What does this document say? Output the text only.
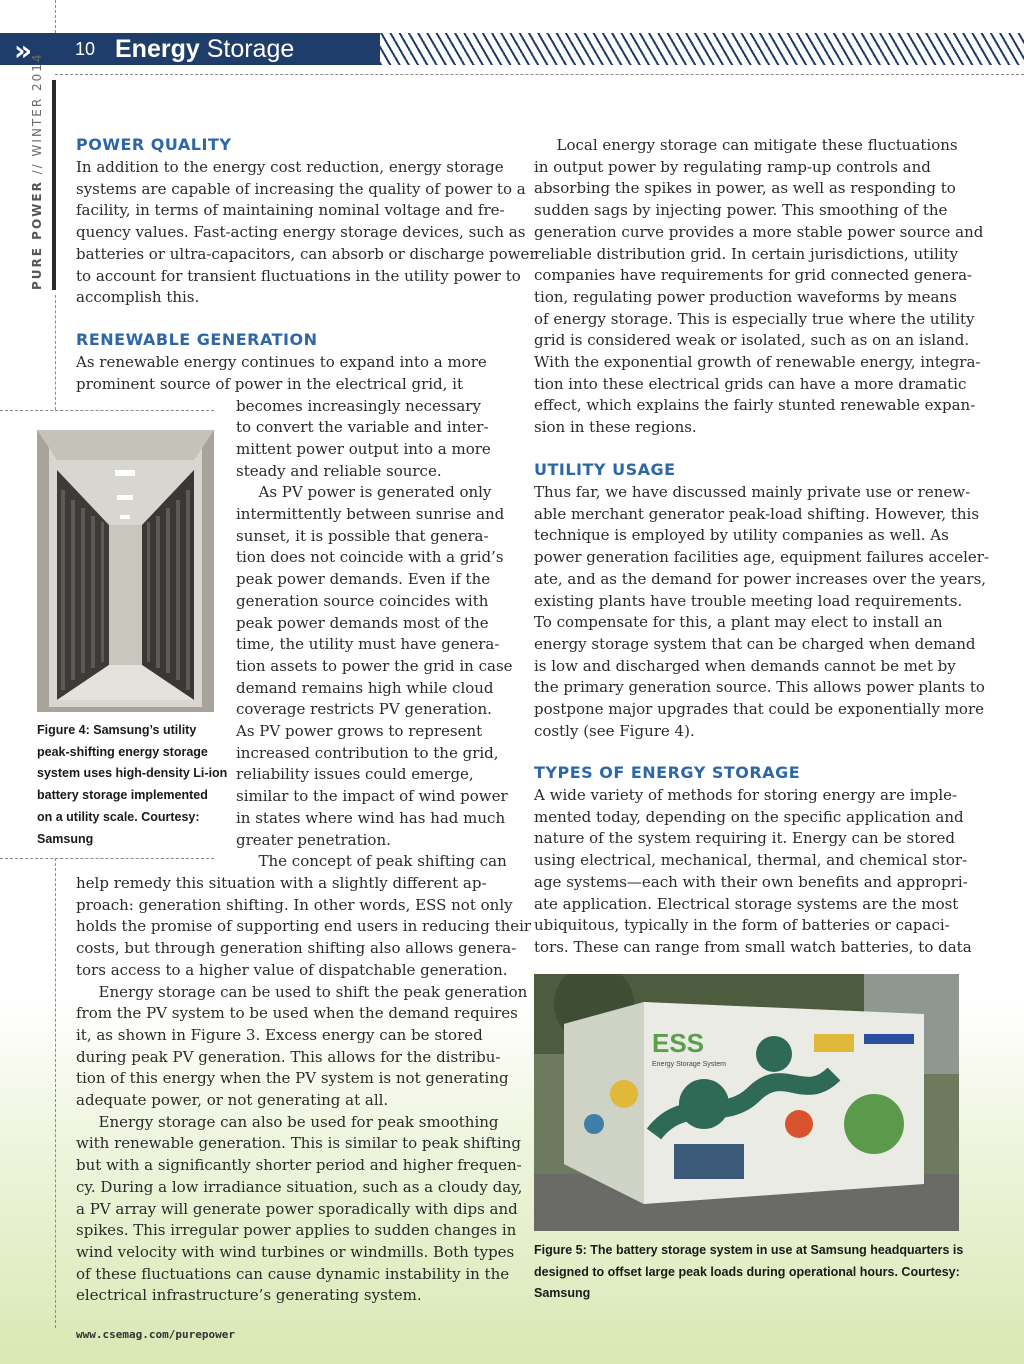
»	10 Energy Storage
PURE POWER // WINTER 2014 POWER QUALITY
In addition to the energy cost reduction, energy storage
systems are capable of increasing the quality of power to a
facility, in terms of maintaining nominal voltage and fre-
quency values. Fast-acting energy storage devices, such as
batteries or ultra-capacitors, can absorb or discharge power
to account for transient fluctuations in the utility power to
accomplish this.
RENEWABLE GENERATION
As renewable energy continues to expand into a more
prominent source of power in the electrical grid, it
becomes increasingly necessary
to convert the variable and inter-
mittent power output into a more
steady and reliable source.
  As PV power is generated only
intermittently between sunrise and
sunset, it is possible that genera-
tion does not coincide with a grid’s
peak power demands. Even if the
generation source coincides with
peak power demands most of the
time, the utility must have genera-
tion assets to power the grid in case
demand remains high while cloud
coverage restricts PV generation.
As PV power grows to represent
increased contribution to the grid,
reliability issues could emerge,
similar to the impact of wind power
in states where wind has had much
greater penetration.
  The concept of peak shifting can
help remedy this situation with a slightly different ap-
proach: generation shifting. In other words, ESS not only
holds the promise of supporting end users in reducing their
costs, but through generation shifting also allows genera-
tors access to a higher value of dispatchable generation.
  Energy storage can be used to shift the peak generation
from the PV system to be used when the demand requires
it, as shown in Figure 3. Excess energy can be stored
during peak PV generation. This allows for the distribu-
tion of this energy when the PV system is not generating
adequate power, or not generating at all.
  Energy storage can also be used for peak smoothing
with renewable generation. This is similar to peak shifting
but with a significantly shorter period and higher frequen-
cy. During a low irradiance situation, such as a cloudy day,
a PV array will generate power sporadically with dips and
spikes. This irregular power applies to sudden changes in
wind velocity with wind turbines or windmills. Both types
of these fluctuations can cause dynamic instability in the
electrical infrastructure’s generating system.
Figure 4: Samsung’s utility
peak-shifting energy storage
system uses high-density Li-ion
battery storage implemented
on a utility scale. Courtesy:
Samsung
  Local energy storage can mitigate these fluctuations
in output power by regulating ramp-up controls and
absorbing the spikes in power, as well as responding to
sudden sags by injecting power. This smoothing of the
generation curve provides a more stable power source and
reliable distribution grid. In certain jurisdictions, utility
companies have requirements for grid connected genera-
tion, regulating power production waveforms by means
of energy storage. This is especially true where the utility
grid is considered weak or isolated, such as on an island.
With the exponential growth of renewable energy, integra-
tion into these electrical grids can have a more dramatic
effect, which explains the fairly stunted renewable expan-
sion in these regions.
UTILITY USAGE
Thus far, we have discussed mainly private use or renew-
able merchant generator peak-load shifting. However, this
technique is employed by utility companies as well. As
power generation facilities age, equipment failures acceler-
ate, and as the demand for power increases over the years,
existing plants have trouble meeting load requirements.
To compensate for this, a plant may elect to install an
energy storage system that can be charged when demand
is low and discharged when demands cannot be met by
the primary generation source. This allows power plants to
postpone major upgrades that could be exponentially more
costly (see Figure 4).
TYPES OF ENERGY STORAGE
A wide variety of methods for storing energy are imple-
mented today, depending on the specific application and
nature of the system requiring it. Energy can be stored
using electrical, mechanical, thermal, and chemical stor-
age systems—each with their own benefits and appropri-
ate application. Electrical storage systems are the most
ubiquitous, typically in the form of batteries or capaci-
tors. These can range from small watch batteries, to data
ESS
Energy Storage System
Figure 5: The battery storage system in use at Samsung headquarters is
designed to offset large peak loads during operational hours. Courtesy:
Samsung
www.csemag.com/purepower
